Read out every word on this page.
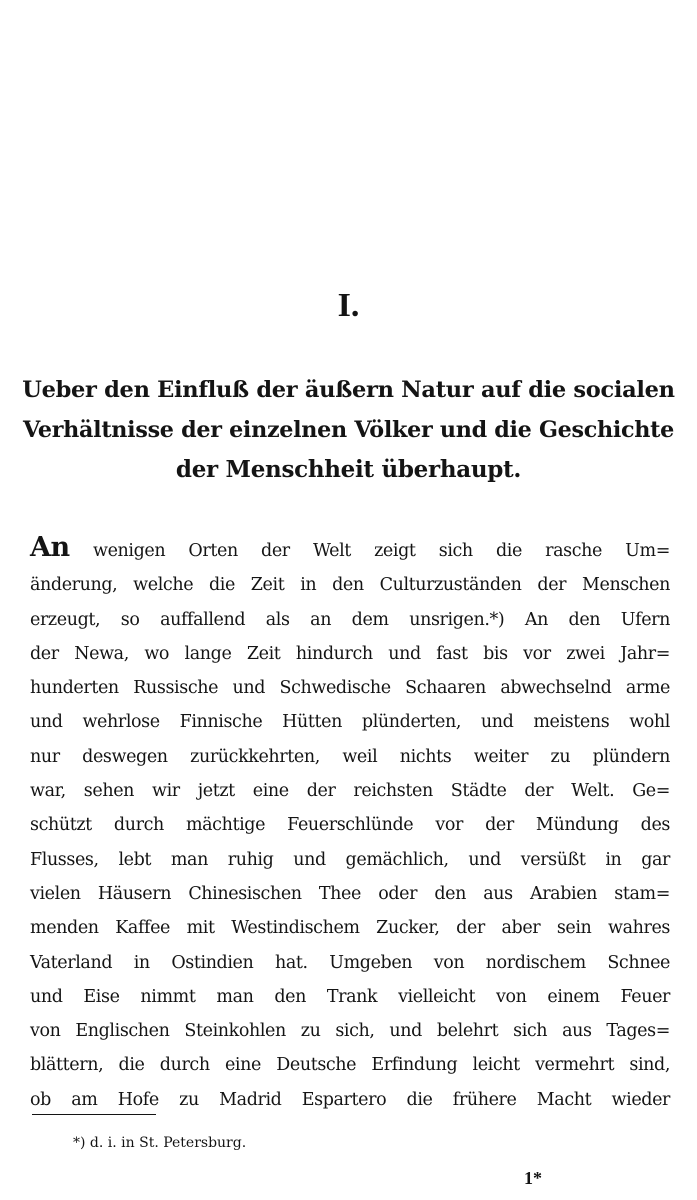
I.
Ueber den Einfluß der äußern Natur auf die socialen
Verhältnisse der einzelnen Völker und die Geschichte
der Menschheit überhaupt.
An wenigen Orten der Welt zeigt sich die rasche Um=
änderung, welche die Zeit in den Culturzuständen der Menschen
erzeugt, so auffallend als an dem unsrigen.*) An den Ufern
der Newa, wo lange Zeit hindurch und fast bis vor zwei Jahr=
hunderten Russische und Schwedische Schaaren abwechselnd arme
und wehrlose Finnische Hütten plünderten, und meistens wohl
nur deswegen zurückkehrten, weil nichts weiter zu plündern
war, sehen wir jetzt eine der reichsten Städte der Welt. Ge=
schützt durch mächtige Feuerschlünde vor der Mündung des
Flusses, lebt man ruhig und gemächlich, und versüßt in gar
vielen Häusern Chinesischen Thee oder den aus Arabien stam=
menden Kaffee mit Westindischem Zucker, der aber sein wahres
Vaterland in Ostindien hat. Umgeben von nordischem Schnee
und Eise nimmt man den Trank vielleicht von einem Feuer
von Englischen Steinkohlen zu sich, und belehrt sich aus Tages=
blättern, die durch eine Deutsche Erfindung leicht vermehrt sind,
ob am Hofe zu Madrid Espartero die frühere Macht wieder
*) d. i. in St. Petersburg.
1*
